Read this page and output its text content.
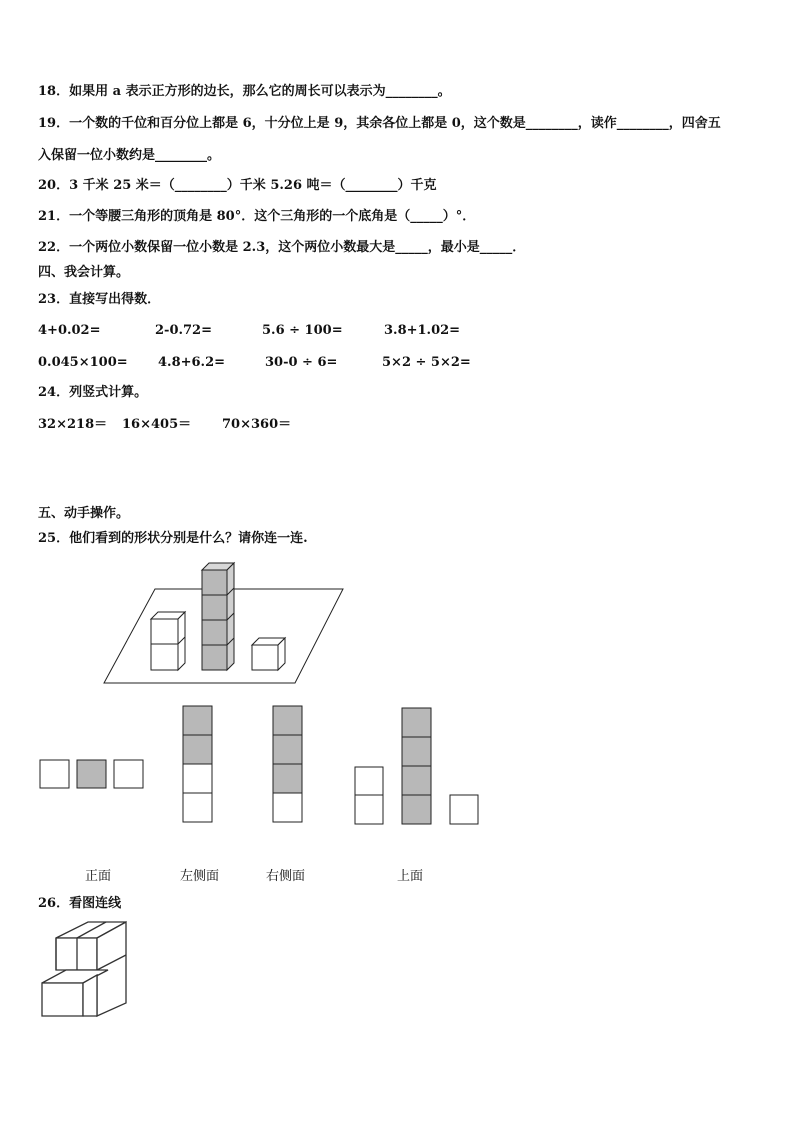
18．如果用 a 表示正方形的边长，那么它的周长可以表示为________。
19．一个数的千位和百分位上都是 6，十分位上是 9，其余各位上都是 0，这个数是________，读作________，四舍五
入保留一位小数约是________。
20．3 千米 25 米＝（________）千米 5.26 吨＝（________）千克
21．一个等腰三角形的顶角是 80°．这个三角形的一个底角是（_____）°．
22．一个两位小数保留一位小数是 2.3，这个两位小数最大是_____，最小是_____．
四、我会计算。
23．直接写出得数．
4+0.02=	2-0.72=	5.6 ÷ 100=	3.8+1.02=
0.045×100= 4.8+6.2=	30-0 ÷ 6=	5×2 ÷ 5×2=
24．列竖式计算。
32×218＝ 16×405＝ 70×360＝
五、动手操作。
25．他们看到的形状分别是什么？请你连一连.
正面	左侧面	右侧面	上面
26．看图连线
